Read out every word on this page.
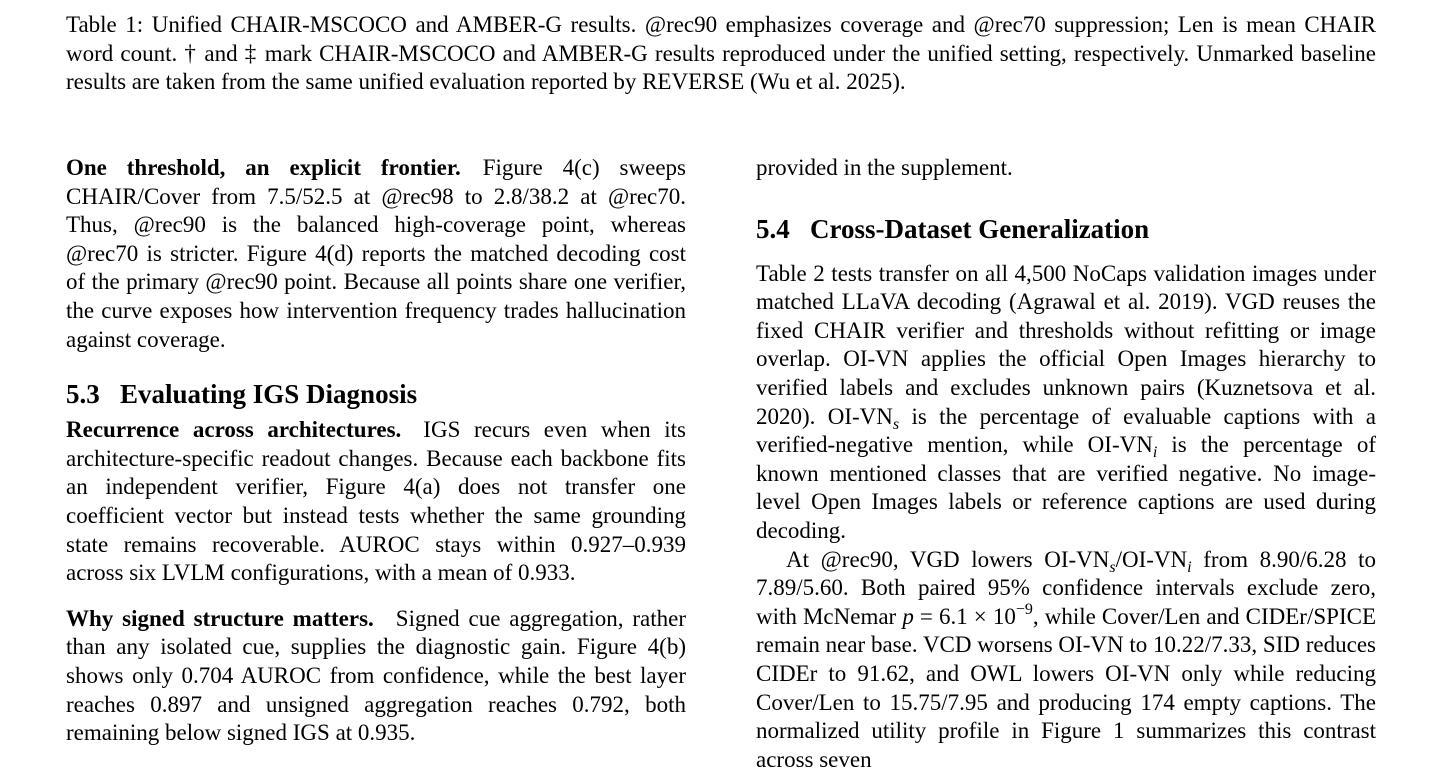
Table 1: Unified CHAIR-MSCOCO and AMBER-G results. @rec90 emphasizes coverage and @rec70 suppression; Len is mean CHAIR word count. † and ‡ mark CHAIR-MSCOCO and AMBER-G results reproduced under the unified setting, respectively. Unmarked baseline results are taken from the same unified evaluation reported by REVERSE (Wu et al. 2025).

One threshold, an explicit frontier. Figure 4(c) sweeps CHAIR/Cover from 7.5/52.5 at @rec98 to 2.8/38.2 at @rec70. Thus, @rec90 is the balanced high-coverage point, whereas @rec70 is stricter. Figure 4(d) reports the matched decoding cost of the primary @rec90 point. Because all points share one verifier, the curve exposes how intervention frequency trades hallucination against coverage.

5.3 Evaluating IGS Diagnosis

Recurrence across architectures. IGS recurs even when its architecture-specific readout changes. Because each backbone fits an independent verifier, Figure 4(a) does not transfer one coefficient vector but instead tests whether the same grounding state remains recoverable. AUROC stays within 0.927–0.939 across six LVLM configurations, with a mean of 0.933.

Why signed structure matters. Signed cue aggregation, rather than any isolated cue, supplies the diagnostic gain. Figure 4(b) shows only 0.704 AUROC from confidence, while the best layer reaches 0.897 and unsigned aggregation reaches 0.792, both remaining below signed IGS at 0.935.

provided in the supplement.

5.4 Cross-Dataset Generalization

Table 2 tests transfer on all 4,500 NoCaps validation images under matched LLaVA decoding (Agrawal et al. 2019). VGD reuses the fixed CHAIR verifier and thresholds without refitting or image overlap. OI-VN applies the official Open Images hierarchy to verified labels and excludes unknown pairs (Kuznetsova et al. 2020). $OI-VN_s$ is the percentage of evaluable captions with a verified-negative mention, while $OI-VN_i$ is the percentage of known mentioned classes that are verified negative. No image-level Open Images labels or reference captions are used during decoding.

At @rec90, VGD lowers $OI-VN_s/OI-VN_i$ from 8.90/6.28 to 7.89/5.60. Both paired 95% confidence intervals exclude zero, with McNemar $p = 6.1 \times 10^{-9}$, while Cover/Len and CIDEr/SPICE remain near base. VCD worsens OI-VN to 10.22/7.33, SID reduces CIDEr to 91.62, and OWL lowers OI-VN only while reducing Cover/Len to 15.75/7.95 and producing 174 empty captions. The normalized utility profile in Figure 1 summarizes this contrast across seven
